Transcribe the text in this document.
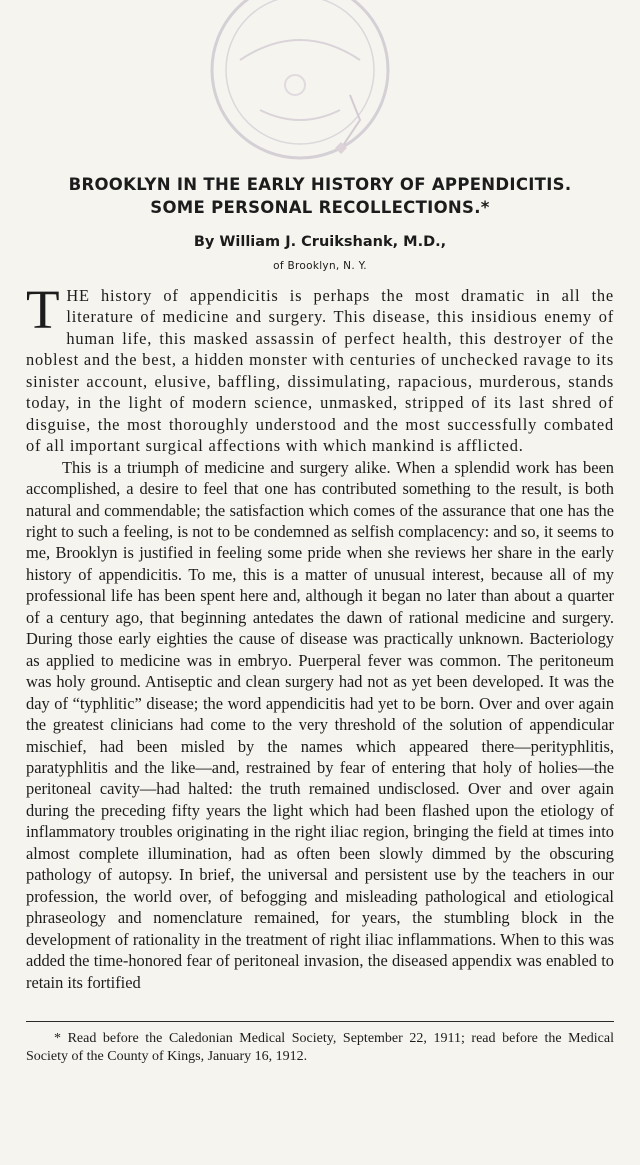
BROOKLYN IN THE EARLY HISTORY OF APPENDICITIS.
SOME PERSONAL RECOLLECTIONS.*
By William J. Cruikshank, M.D.,
of Brooklyn, N. Y.

THE history of appendicitis is perhaps the most dramatic in all the literature of medicine and surgery. This disease, this insidious enemy of human life, this masked assassin of perfect health, this destroyer of the noblest and the best, a hidden monster with centuries of unchecked ravage to its sinister account, elusive, baffling, dissimulating, rapacious, murderous, stands today, in the light of modern science, unmasked, stripped of its last shred of disguise, the most thoroughly understood and the most successfully combated of all important surgical affections with which mankind is afflicted.

This is a triumph of medicine and surgery alike. When a splendid work has been accomplished, a desire to feel that one has contributed something to the result, is both natural and commendable; the satisfaction which comes of the assurance that one has the right to such a feeling, is not to be condemned as selfish complacency: and so, it seems to me, Brooklyn is justified in feeling some pride when she reviews her share in the early history of appendicitis. To me, this is a matter of unusual interest, because all of my professional life has been spent here and, although it began no later than about a quarter of a century ago, that beginning antedates the dawn of rational medicine and surgery. During those early eighties the cause of disease was practically unknown. Bacteriology as applied to medicine was in embryo. Puerperal fever was common. The peritoneum was holy ground. Antiseptic and clean surgery had not as yet been developed. It was the day of “typhlitic” disease; the word appendicitis had yet to be born. Over and over again the greatest clinicians had come to the very threshold of the solution of appendicular mischief, had been misled by the names which appeared there—perityphlitis, paratyphlitis and the like—and, restrained by fear of entering that holy of holies—the peritoneal cavity—had halted: the truth remained undisclosed. Over and over again during the preceding fifty years the light which had been flashed upon the etiology of inflammatory troubles originating in the right iliac region, bringing the field at times into almost complete illumination, had as often been slowly dimmed by the obscuring pathology of autopsy. In brief, the universal and persistent use by the teachers in our profession, the world over, of befogging and misleading pathological and etiological phraseology and nomenclature remained, for years, the stumbling block in the development of rationality in the treatment of right iliac inflammations. When to this was added the time-honored fear of peritoneal invasion, the diseased appendix was enabled to retain its fortified

* Read before the Caledonian Medical Society, September 22, 1911; read before the Medical Society of the County of Kings, January 16, 1912.
